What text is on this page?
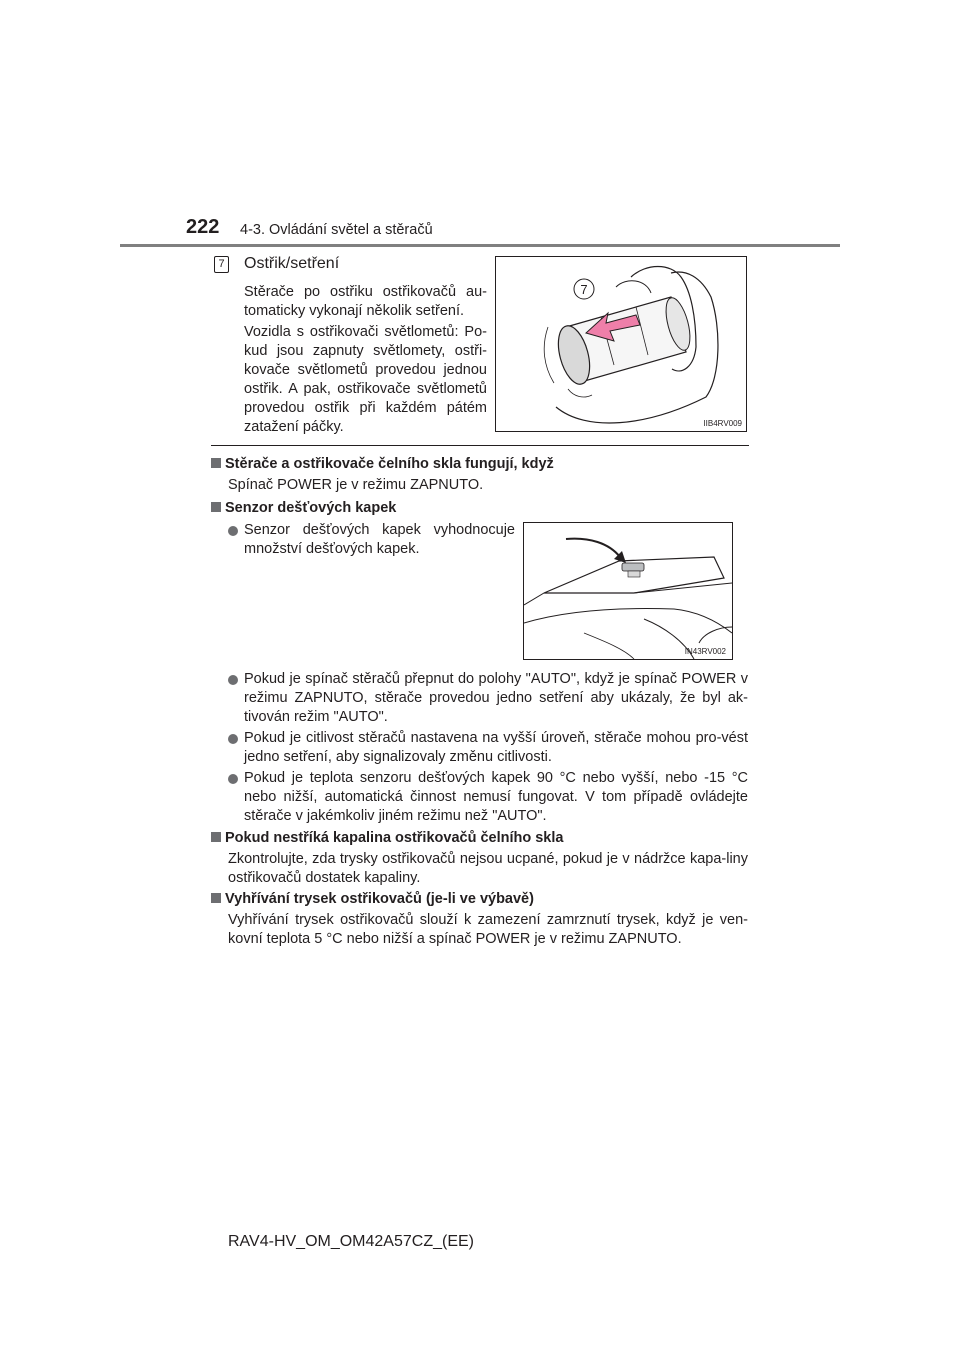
222 4-3. Ovládání světel a stěračů
7 Ostřik/setření
Stěrače po ostřiku ostřikovačů au-tomaticky vykonají několik setření.
Vozidla s ostřikovači světlometů: Po-kud jsou zapnuty světlomety, ostři-kovače světlometů provedou jednou ostřik. A pak, ostřikovače světlometů provedou ostřik při každém pátém zatažení páčky.
7
IIB4RV009
Stěrače a ostřikovače čelního skla fungují, když
Spínač POWER je v režimu ZAPNUTO.
Senzor dešťových kapek
Senzor dešťových kapek vyhodnocuje množství dešťových kapek.
IN43RV002
Pokud je spínač stěračů přepnut do polohy "AUTO", když je spínač POWER v režimu ZAPNUTO, stěrače provedou jedno setření aby ukázaly, že byl ak-tivován režim "AUTO".
Pokud je citlivost stěračů nastavena na vyšší úroveň, stěrače mohou pro-vést jedno setření, aby signalizovaly změnu citlivosti.
Pokud je teplota senzoru dešťových kapek 90 °C nebo vyšší, nebo -15 °C nebo nižší, automatická činnost nemusí fungovat. V tom případě ovládejte stěrače v jakémkoliv jiném režimu než "AUTO".
Pokud nestříká kapalina ostřikovačů čelního skla
Zkontrolujte, zda trysky ostřikovačů nejsou ucpané, pokud je v nádržce kapa-liny ostřikovačů dostatek kapaliny.
Vyhřívání trysek ostřikovačů (je-li ve výbavě)
Vyhřívání trysek ostřikovačů slouží k zamezení zamrznutí trysek, když je ven-kovní teplota 5 °C nebo nižší a spínač POWER je v režimu ZAPNUTO.
RAV4-HV_OM_OM42A57CZ_(EE)
